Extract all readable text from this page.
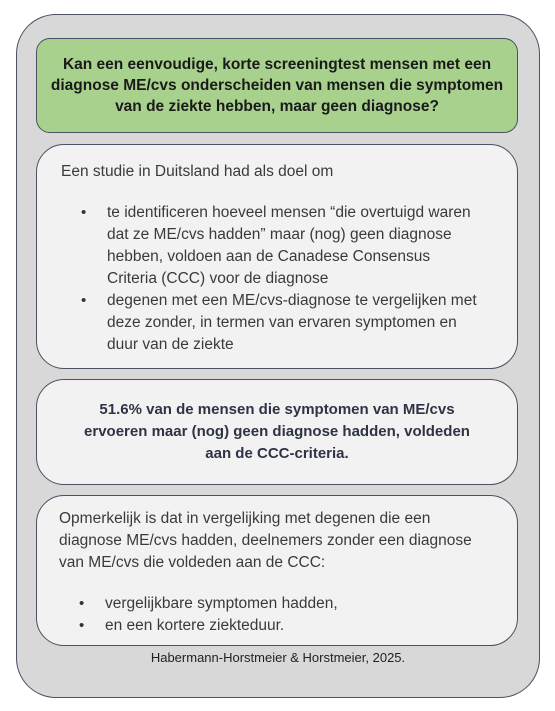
Kan een eenvoudige, korte screeningtest mensen met een diagnose ME/cvs onderscheiden van mensen die symptomen van de ziekte hebben, maar geen diagnose?

Een studie in Duitsland had als doel om

• te identificeren hoeveel mensen “die overtuigd waren dat ze ME/cvs hadden” maar (nog) geen diagnose hebben, voldoen aan de Canadese Consensus Criteria (CCC) voor de diagnose
• degenen met een ME/cvs-diagnose te vergelijken met deze zonder, in termen van ervaren symptomen en duur van de ziekte
51.6% van de mensen die symptomen van ME/cvs ervoeren maar (nog) geen diagnose hadden, voldeden aan de CCC-criteria.

Opmerkelijk is dat in vergelijking met degenen die een diagnose ME/cvs hadden, deelnemers zonder een diagnose van ME/cvs die voldeden aan de CCC:

• vergelijkbare symptomen hadden,
• en een kortere ziekteduur.
Habermann-Horstmeier & Horstmeier, 2025.
